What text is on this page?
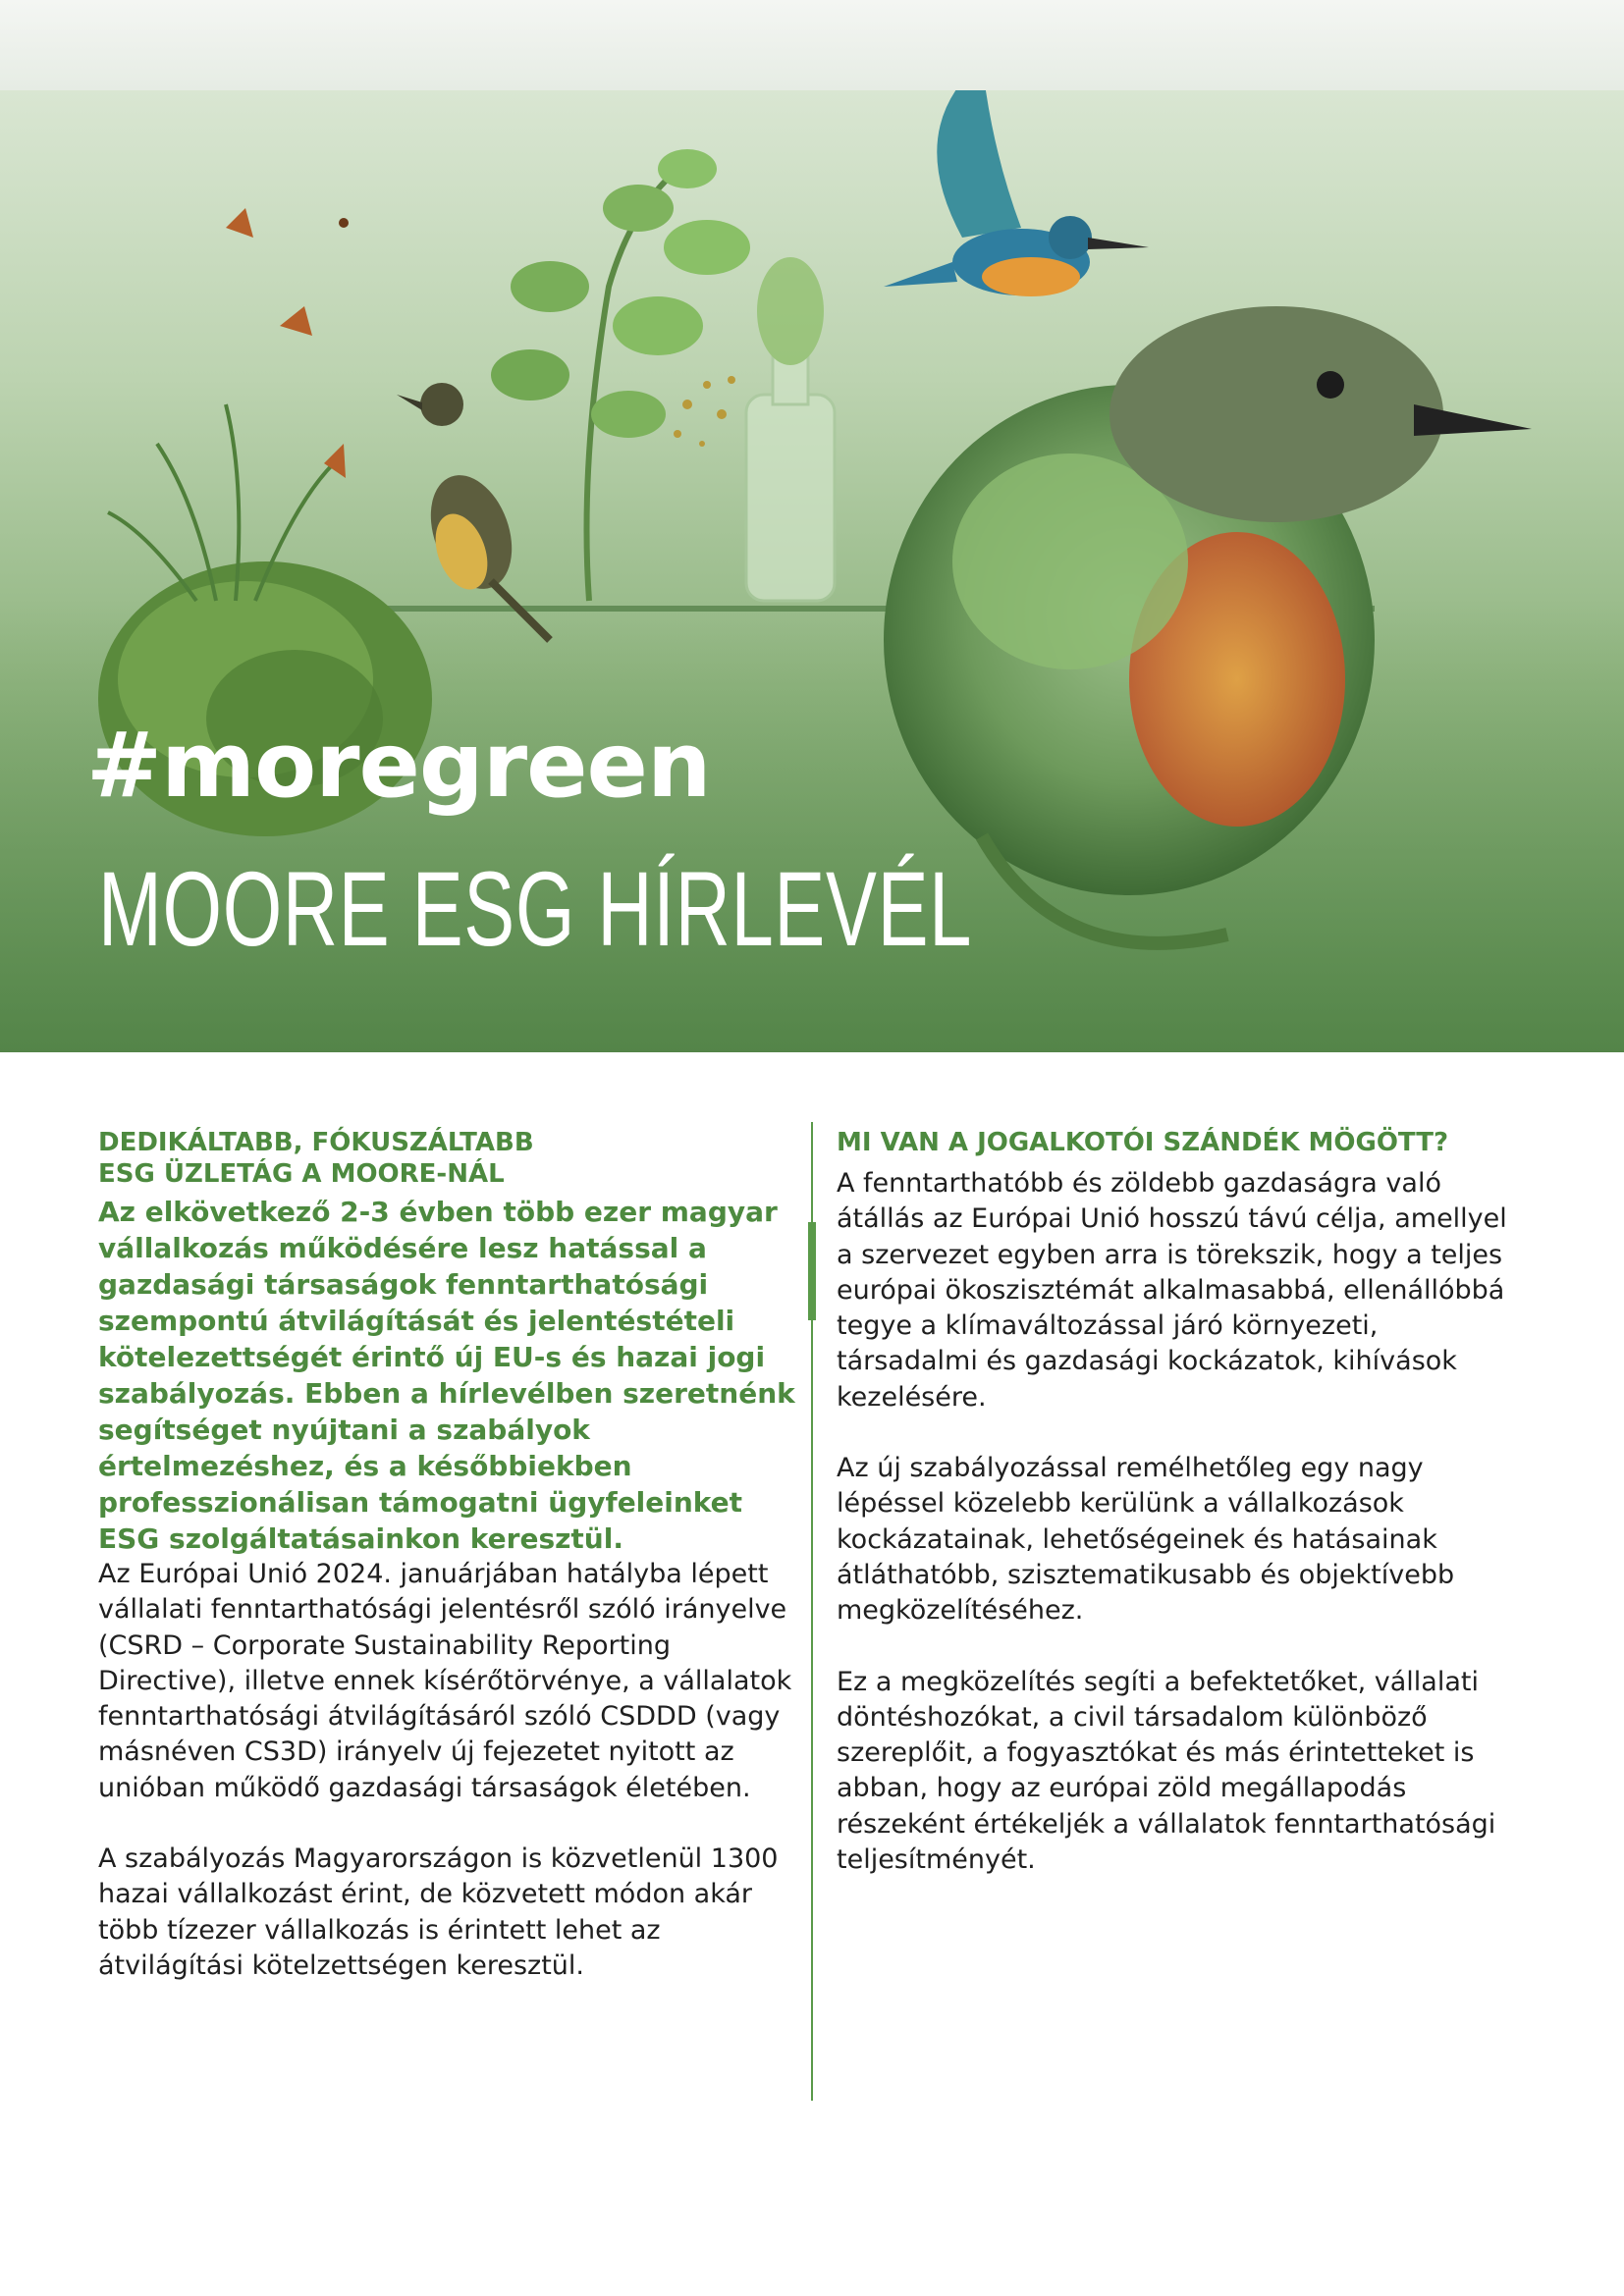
#moregreen
MOORE ESG HÍRLEVÉL
DEDIKÁLTABB, FÓKUSZÁLTABB
ESG ÜZLETÁG A MOORE-NÁL

Az elkövetkező 2-3 évben több ezer magyar vállalkozás működésére lesz hatással a gazdasági társaságok fenntarthatósági szempontú átvilágítását és jelentéstételi kötelezettségét érintő új EU-s és hazai jogi szabályozás. Ebben a hírlevélben szeretnénk segítséget nyújtani a szabályok értelmezéshez, és a későbbiekben professzionálisan támogatni ügyfeleinket ESG szolgáltatásainkon keresztül.

Az Európai Unió 2024. januárjában hatályba lépett vállalati fenntarthatósági jelentésről szóló irányelve (CSRD – Corporate Sustainability Reporting Directive), illetve ennek kísérőtörvénye, a vállalatok fenntarthatósági átvilágításáról szóló CSDDD (vagy másnéven CS3D) irányelv új fejezetet nyitott az unióban működő gazdasági társaságok életében.

A szabályozás Magyarországon is közvetlenül 1300 hazai vállalkozást érint, de közvetett módon akár több tízezer vállalkozás is érintett lehet az átvilágítási kötelzettségen keresztül.

MI VAN A JOGALKOTÓI SZÁNDÉK MÖGÖTT?

A fenntarthatóbb és zöldebb gazdaságra való átállás az Európai Unió hosszú távú célja, amellyel a szervezet egyben arra is törekszik, hogy a teljes európai ökoszisztémát alkalmasabbá, ellenállóbbá tegye a klímaváltozással járó környezeti, társadalmi és gazdasági kockázatok, kihívások kezelésére.

Az új szabályozással remélhetőleg egy nagy lépéssel közelebb kerülünk a vállalkozások kockázatainak, lehetőségeinek és hatásainak átláthatóbb, szisztematikusabb és objektívebb megközelítéséhez.

Ez a megközelítés segíti a befektetőket, vállalati döntéshozókat, a civil társadalom különböző szereplőit, a fogyasztókat és más érintetteket is abban, hogy az európai zöld megállapodás részeként értékeljék a vállalatok fenntarthatósági teljesítményét.
